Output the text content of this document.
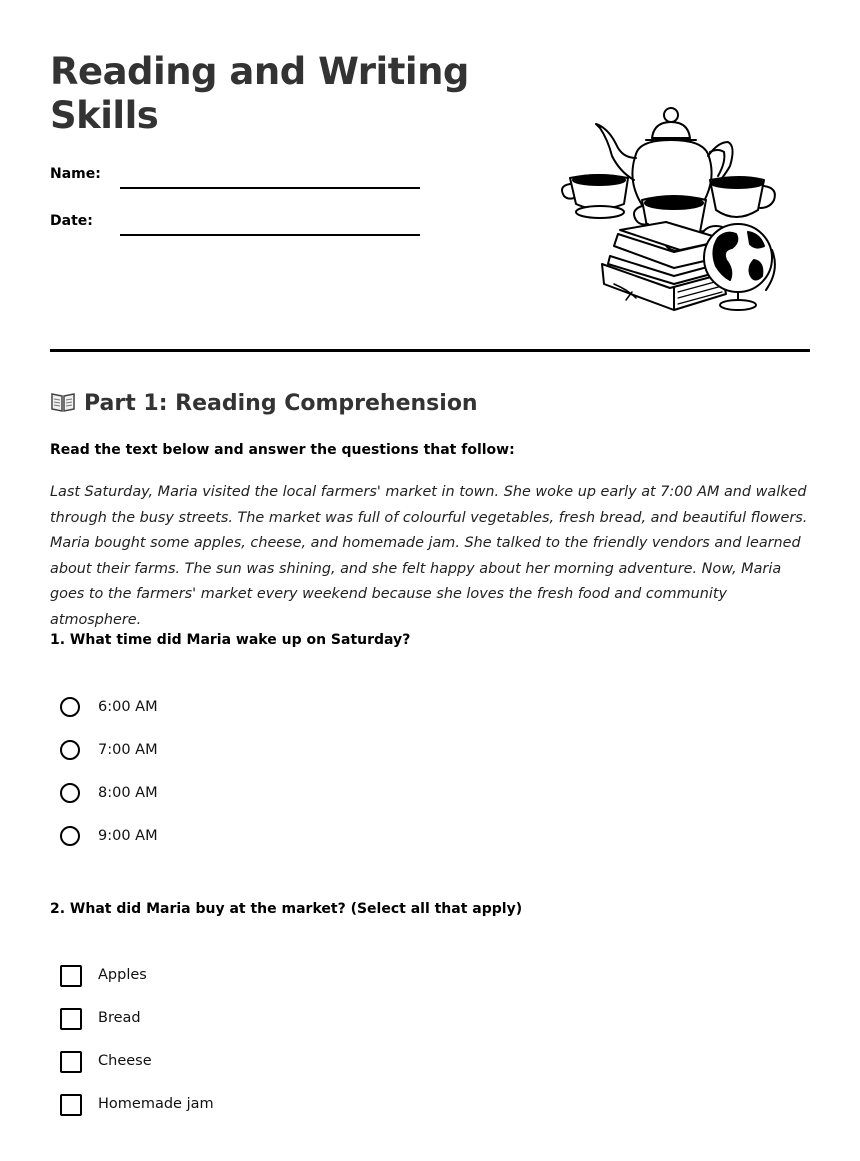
Reading and Writing
Skills
Name:
Date:
Part 1: Reading Comprehension
Read the text below and answer the questions that follow:

Last Saturday, Maria visited the local farmers' market in town. She woke up early at 7:00 AM and walked through the busy streets. The market was full of colourful vegetables, fresh bread, and beautiful flowers. Maria bought some apples, cheese, and homemade jam. She talked to the friendly vendors and learned about their farms. The sun was shining, and she felt happy about her morning adventure. Now, Maria goes to the farmers' market every weekend because she loves the fresh food and community atmosphere.

1. What time did Maria wake up on Saturday?
6:00 AM
7:00 AM
8:00 AM
9:00 AM
2. What did Maria buy at the market? (Select all that apply)
Apples
Bread
Cheese
Homemade jam
